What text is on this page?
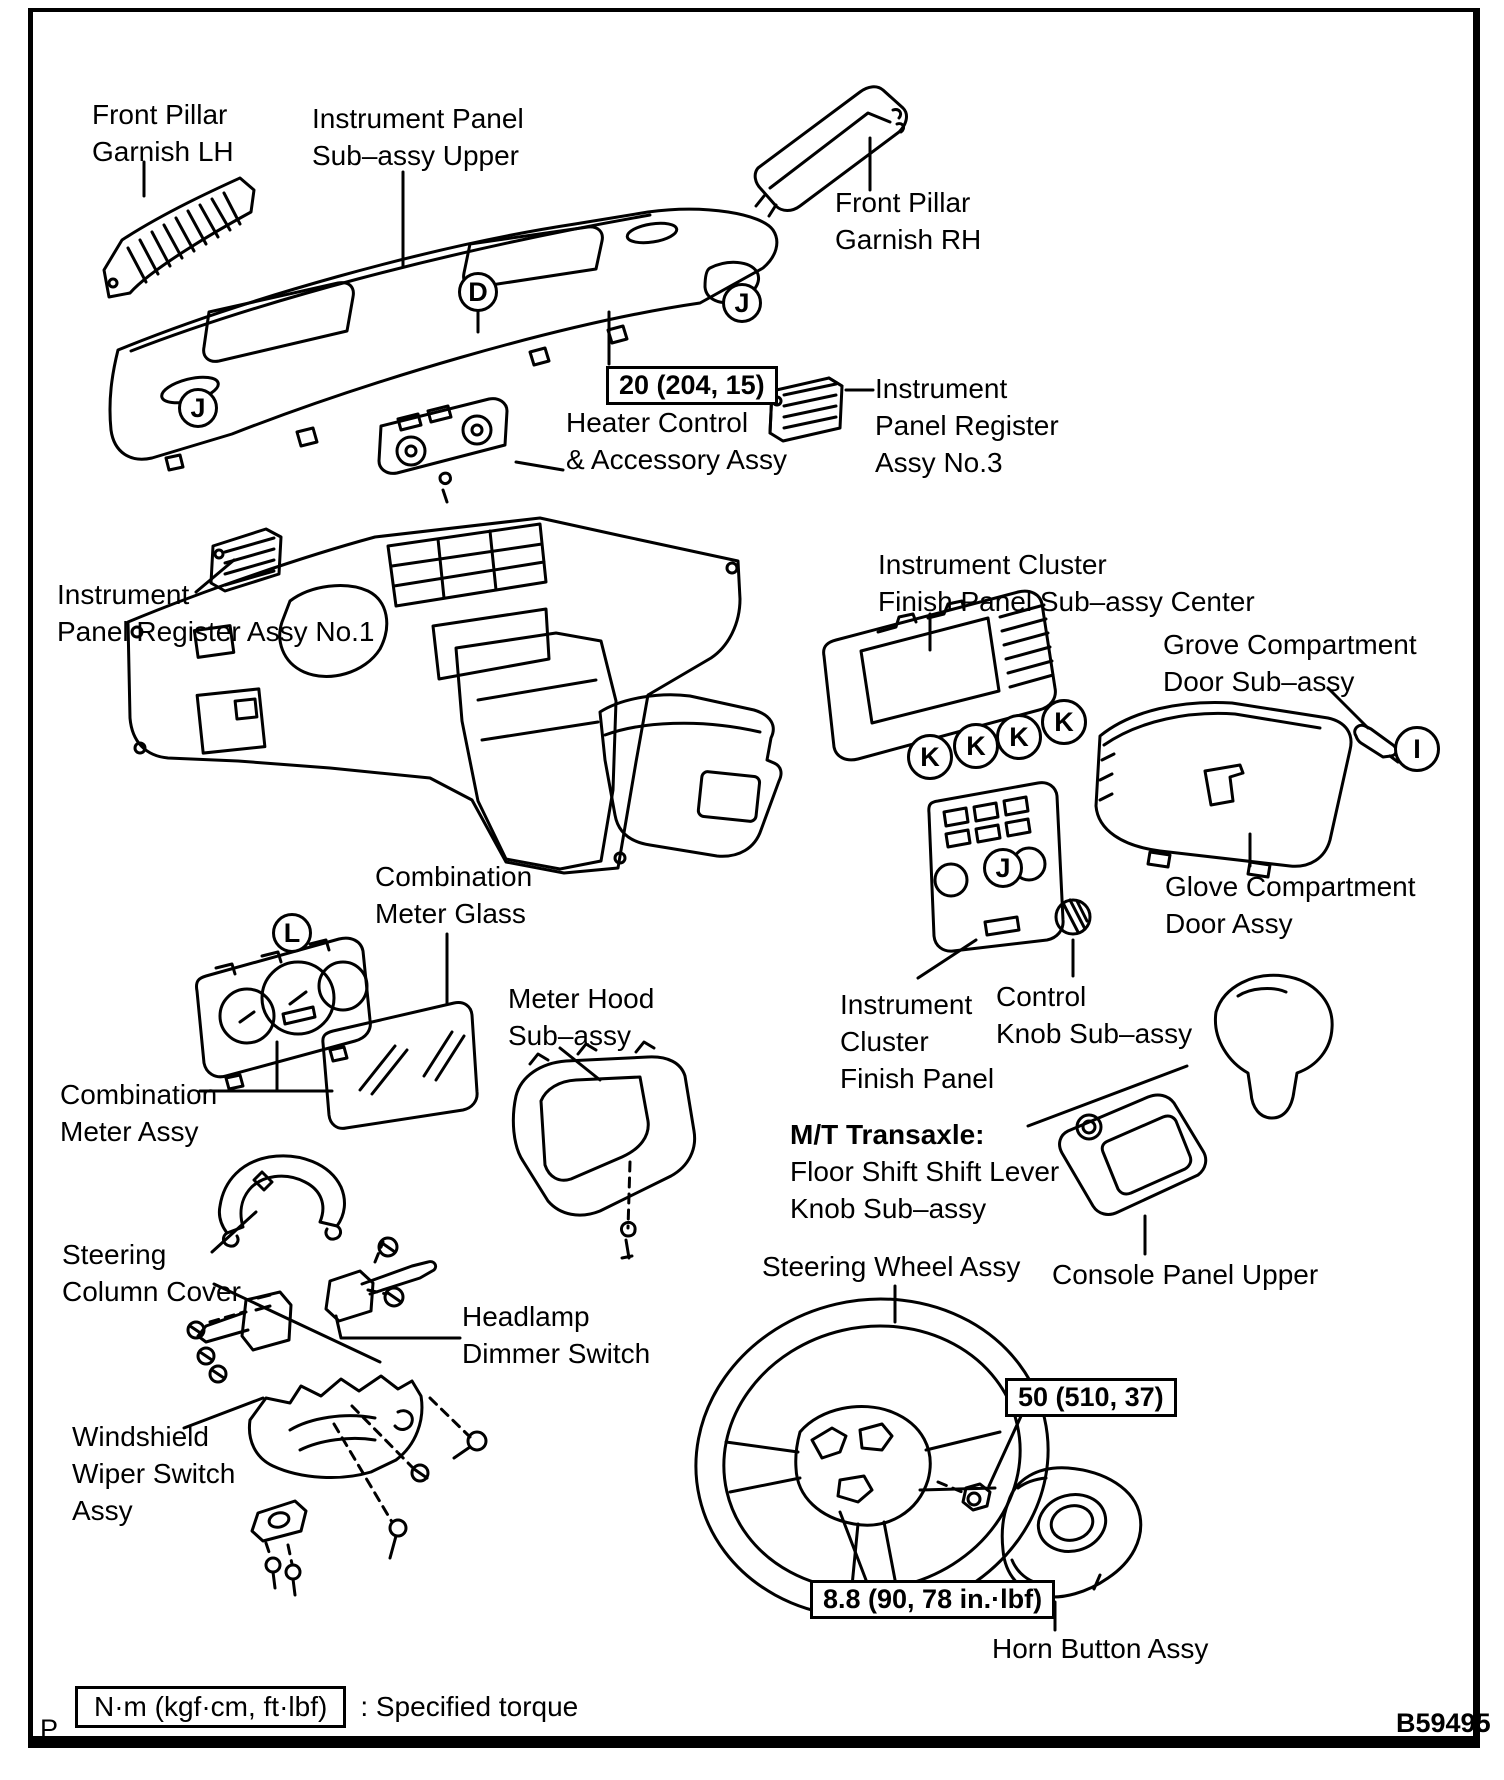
Front Pillar
Garnish LH
Instrument Panel
Sub–assy Upper
Front Pillar
Garnish RH
Heater Control
& Accessory Assy
Instrument
Panel Register
Assy No.3
Instrument
Panel Register Assy No.1
Instrument Cluster
Finish Panel Sub–assy Center
Grove Compartment
Door Sub–assy
Glove Compartment
Door Assy
Combination
Meter Glass
Meter Hood
Sub–assy
Instrument
Cluster
Finish Panel
Control
Knob Sub–assy
Combination
Meter Assy	M/T Transaxle:
Floor Shift Shift Lever
Knob Sub–assy
Steering Wheel Assy Console Panel Upper
Steering
Column Cover
Headlamp
Dimmer Switch
Windshield
Wiper Switch
Assy
Horn Button Assy
20 (204, 15)
50 (510, 37)
8.8 (90, 78 in.·lbf)
D
J
J
J
K K K K
I
L
N·m (kgf·cm, ft·lbf)	: Specified torque
B59495
P
